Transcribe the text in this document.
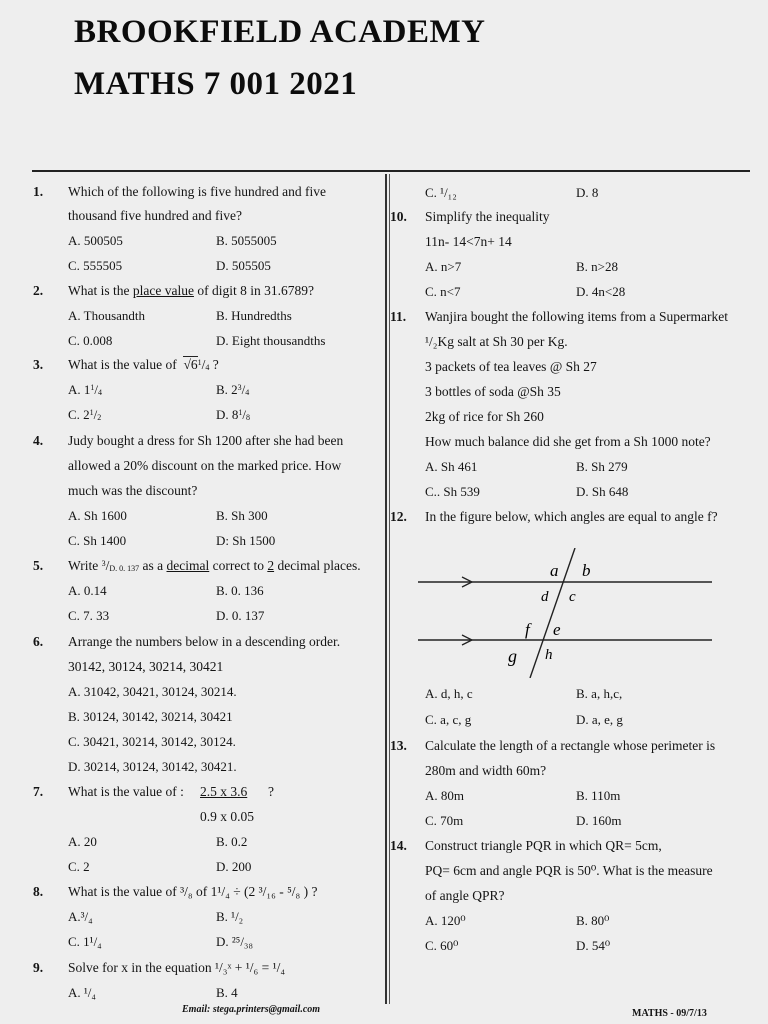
BROOKFIELD ACADEMY
MATHS 7 001 2021
1. Which of the following is five hundred and five
thousand five hundred and five?
A. 500505	B. 5055005
C. 555505	D. 505505
2. What is the place value of digit 8 in 31.6789?
A. Thousandth	B. Hundredths
C. 0.008	D. Eight thousandths
3. What is the value of $√6^1/_4$ ?
A. $1^1/_4$	B. $2^3/_4$
C. $2^1/_2$	D. $8^1/_8$
4. Judy bought a dress for Sh 1200 after she had been
allowed a 20% discount on the marked price. How
much was the discount?
A. Sh 1600	B. Sh 300
C. Sh 1400	D: Sh 1500
5. Write $^3/_{D. 0. 137}$ as a decimal correct to 2 decimal places.
A. 0.14	B. 0. 136
C. 7. 33	D. 0. 137
6. Arrange the numbers below in a descending order.
30142, 30124, 30214, 30421
A. 31042, 30421, 30124, 30214.
B. 30124, 30142, 30214, 30421
C. 30421, 30214, 30142, 30124.
D. 30214, 30124, 30142, 30421.
7. What is the value of : 2.5 x 3.6 ?
0.9 x 0.05
A. 20	B. 0.2
C. 2	D. 200
8. What is the value of ³/₈ of 1¹/₄ ÷ (2 ³/₁₆ - ⁵/₈ ) ?
A.³/₄	B. ¹/₂
C. 1¹/₄	D. ²⁵/₃₈
9. Solve for x in the equation ¹/₃ˣ + ¹/₆ = ¹/₄
A. ¹/₄	B. 4
C. ¹/₁₂	D. 8
10. Simplify the inequality
11n- 14<7n+ 14
A. n>7	B. n>28
C. n<7	D. 4n<28
11. Wanjira bought the following items from a Supermarket
¹/₂Kg salt at Sh 30 per Kg.
3 packets of tea leaves @ Sh 27
3 bottles of soda @Sh 35
2kg of rice for Sh 260
How much balance did she get from a Sh 1000 note?
A. Sh 461	B. Sh 279
C.. Sh 539	D. Sh 648
12. In the figure below, which angles are equal to angle f?
a b
d c
f e
g h
A. d, h, c	B. a, h,c,
C. a, c, g	D. a, e, g
13. Calculate the length of a rectangle whose perimeter is
280m and width 60m?
A. 80m	B. 110m
C. 70m	D. 160m
14. Construct triangle PQR in which QR= 5cm,
PQ= 6cm and angle PQR is 50⁰. What is the measure
of angle QPR?
A. 120⁰	B. 80⁰
C. 60⁰	D. 54⁰
Email: stega.printers@gmail.com	MATHS - 09/7/13
